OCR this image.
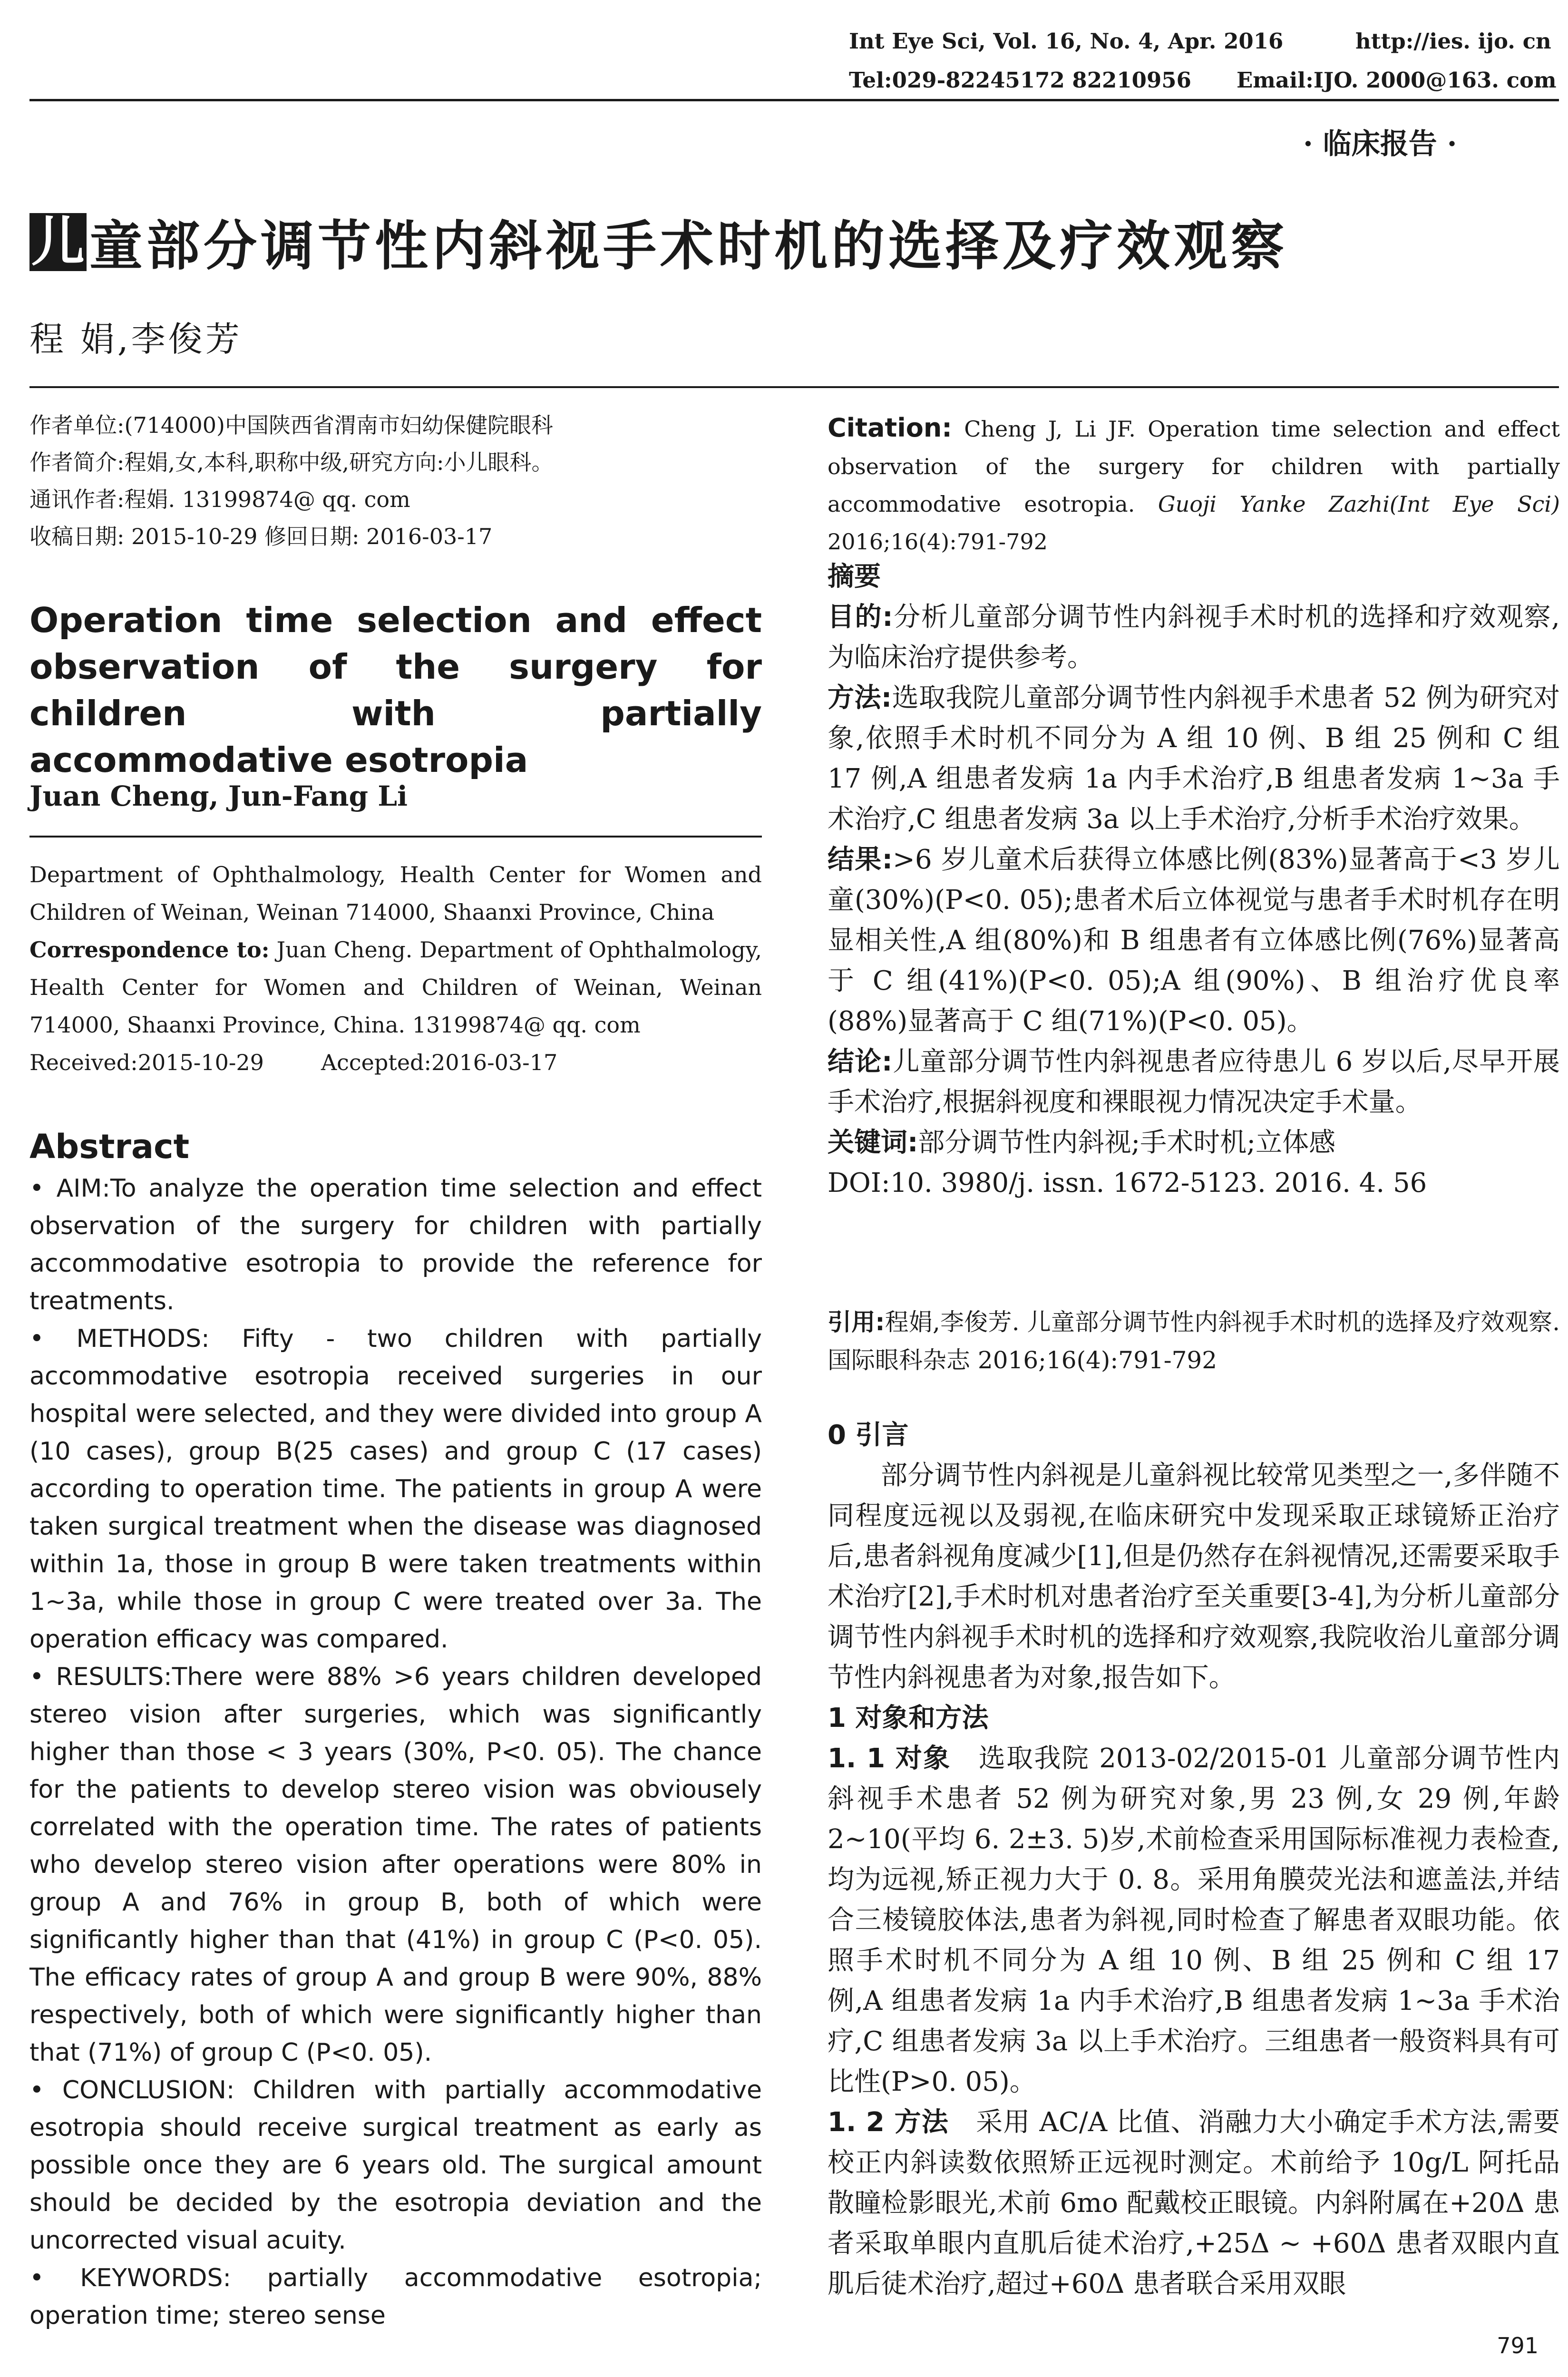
Int Eye Sci, Vol. 16, No. 4, Apr. 2016	http://ies. ijo. cn
Tel:029-82245172 82210956 Email:IJO. 2000@163. com
· 临床报告 ·
儿 童部分调节性内斜视手术时机的选择及疗效观察
程 娟,李俊芳
作者单位:(714000)中国陕西省渭南市妇幼保健院眼科
作者简介:程娟,女,本科,职称中级,研究方向:小儿眼科。
通讯作者:程娟. 13199874@ qq. com
收稿日期: 2015-10-29 修回日期: 2016-03-17
Operation time selection and effect observation of the surgery for children with partially accommodative esotropia
Juan Cheng, Jun-Fang Li

Department of Ophthalmology, Health Center for Women and Children of Weinan, Weinan 714000, Shaanxi Province, China

Correspondence to: Juan Cheng. Department of Ophthalmology, Health Center for Women and Children of Weinan, Weinan 714000, Shaanxi Province, China. 13199874@ qq. com

Received:2015-10-29	Accepted:2016-03-17

Abstract

• AIM:To analyze the operation time selection and effect observation of the surgery for children with partially accommodative esotropia to provide the reference for treatments.

• METHODS: Fifty - two children with partially accommodative esotropia received surgeries in our hospital were selected, and they were divided into group A (10 cases), group B(25 cases) and group C (17 cases) according to operation time. The patients in group A were taken surgical treatment when the disease was diagnosed within 1a, those in group B were taken treatments within 1~3a, while those in group C were treated over 3a. The operation efficacy was compared.

• RESULTS:There were 88% >6 years children developed stereo vision after surgeries, which was significantly higher than those < 3 years (30%, P<0. 05). The chance for the patients to develop stereo vision was obviousely correlated with the operation time. The rates of patients who develop stereo vision after operations were 80% in group A and 76% in group B, both of which were significantly higher than that (41%) in group C (P<0. 05). The efficacy rates of group A and group B were 90%, 88% respectively, both of which were significantly higher than that (71%) of group C (P<0. 05).

• CONCLUSION: Children with partially accommodative esotropia should receive surgical treatment as early as possible once they are 6 years old. The surgical amount should be decided by the esotropia deviation and the uncorrected visual acuity.

• KEYWORDS: partially accommodative esotropia; operation time; stereo sense

Citation: Cheng J, Li JF. Operation time selection and effect observation of the surgery for children with partially accommodative esotropia. Guoji Yanke Zazhi(Int Eye Sci) 2016;16(4):791-792

摘要

目的:分析儿童部分调节性内斜视手术时机的选择和疗效观察,为临床治疗提供参考。

方法:选取我院儿童部分调节性内斜视手术患者 52 例为研究对象,依照手术时机不同分为 A 组 10 例、B 组 25 例和 C 组 17 例,A 组患者发病 1a 内手术治疗,B 组患者发病 1~3a 手术治疗,C 组患者发病 3a 以上手术治疗,分析手术治疗效果。

结果:>6 岁儿童术后获得立体感比例(83%)显著高于<3 岁儿童(30%)(P<0. 05);患者术后立体视觉与患者手术时机存在明显相关性,A 组(80%)和 B 组患者有立体感比例(76%)显著高于 C 组(41%)(P<0. 05);A 组(90%)、B 组治疗优良率(88%)显著高于 C 组(71%)(P<0. 05)。

结论:儿童部分调节性内斜视患者应待患儿 6 岁以后,尽早开展手术治疗,根据斜视度和裸眼视力情况决定手术量。

关键词:部分调节性内斜视;手术时机;立体感

DOI:10. 3980/j. issn. 1672-5123. 2016. 4. 56

引用:程娟,李俊芳. 儿童部分调节性内斜视手术时机的选择及疗效观察. 国际眼科杂志 2016;16(4):791-792

0 引言

部分调节性内斜视是儿童斜视比较常见类型之一,多伴随不同程度远视以及弱视,在临床研究中发现采取正球镜矫正治疗后,患者斜视角度减少[1],但是仍然存在斜视情况,还需要采取手术治疗[2],手术时机对患者治疗至关重要[3-4],为分析儿童部分调节性内斜视手术时机的选择和疗效观察,我院收治儿童部分调节性内斜视患者为对象,报告如下。

1 对象和方法

1. 1 对象 选取我院 2013-02/2015-01 儿童部分调节性内斜视手术患者 52 例为研究对象,男 23 例,女 29 例,年龄 2~10(平均 6. 2±3. 5)岁,术前检查采用国际标准视力表检查,均为远视,矫正视力大于 0. 8。采用角膜荧光法和遮盖法,并结合三棱镜胶体法,患者为斜视,同时检查了解患者双眼功能。依照手术时机不同分为 A 组 10 例、B 组 25 例和 C 组 17 例,A 组患者发病 1a 内手术治疗,B 组患者发病 1~3a 手术治疗,C 组患者发病 3a 以上手术治疗。三组患者一般资料具有可比性(P>0. 05)。

1. 2 方法 采用 AC/A 比值、消融力大小确定手术方法,需要校正内斜读数依照矫正远视时测定。术前给予 10g/L 阿托品散瞳检影眼光,术前 6mo 配戴校正眼镜。内斜附属在+20Δ 患者采取单眼内直肌后徒术治疗,+25Δ ~ +60Δ 患者双眼内直肌后徒术治疗,超过+60Δ 患者联合采用双眼

791
